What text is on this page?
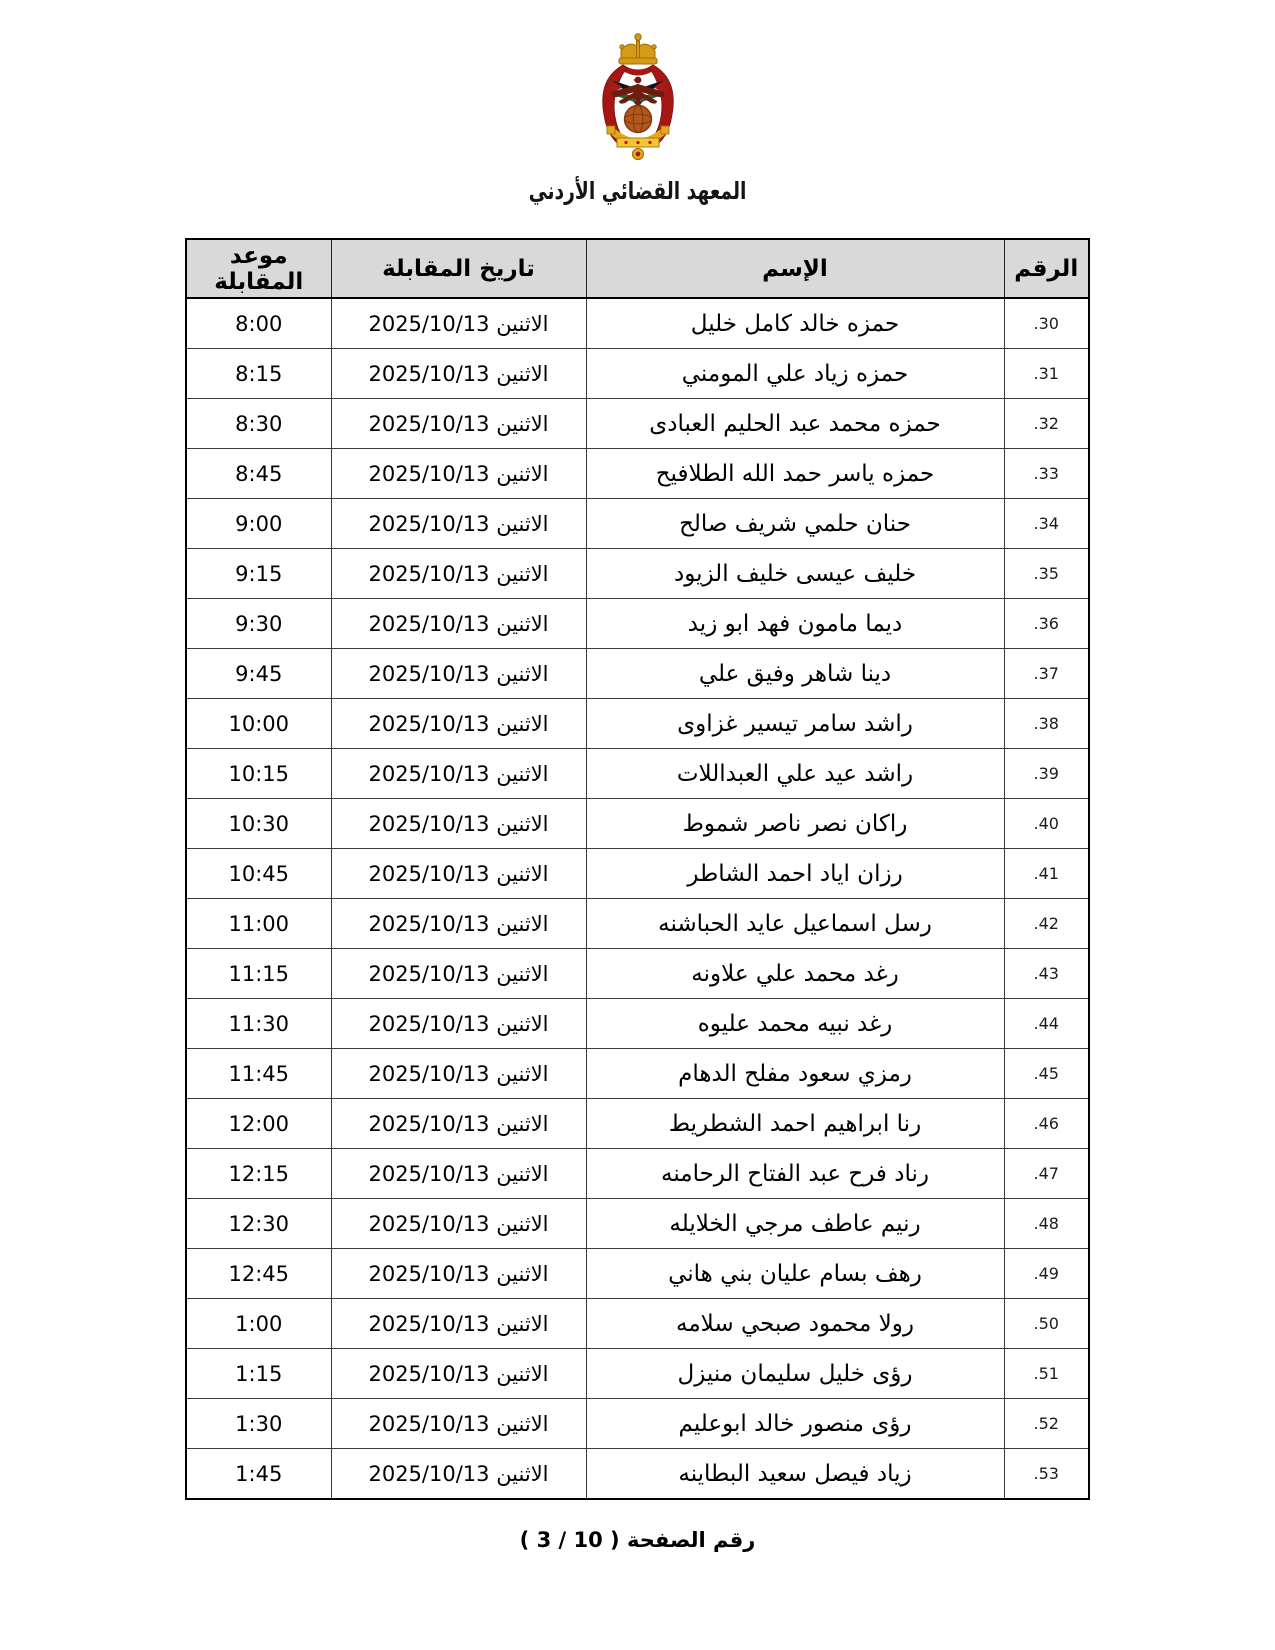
المعهد القضائي الأردني
الرقم	الإسم	تاريخ المقابلة	موعد المقابلة
30.	حمزه خالد كامل خليل	الاثنين 2025/10/13	8:00
31.	حمزه زياد علي المومني	الاثنين 2025/10/13	8:15
32.	حمزه محمد عبد الحليم العبادى	الاثنين 2025/10/13	8:30
33.	حمزه ياسر حمد الله الطلافيح	الاثنين 2025/10/13	8:45
34.	حنان حلمي شريف صالح	الاثنين 2025/10/13	9:00
35.	خليف عيسى خليف الزيود	الاثنين 2025/10/13	9:15
36.	ديما مامون فهد ابو زيد	الاثنين 2025/10/13	9:30
37.	دينا شاهر وفيق علي	الاثنين 2025/10/13	9:45
38.	راشد سامر تيسير غزاوى	الاثنين 2025/10/13	10:00
39.	راشد عيد علي العبداللات	الاثنين 2025/10/13	10:15
40.	راكان نصر ناصر شموط	الاثنين 2025/10/13	10:30
41.	رزان اياد احمد الشاطر	الاثنين 2025/10/13	10:45
42.	رسل اسماعيل عايد الحباشنه	الاثنين 2025/10/13	11:00
43.	رغد محمد علي علاونه	الاثنين 2025/10/13	11:15
44.	رغد نبيه محمد عليوه	الاثنين 2025/10/13	11:30
45.	رمزي سعود مفلح الدهام	الاثنين 2025/10/13	11:45
46.	رنا ابراهيم احمد الشطريط	الاثنين 2025/10/13	12:00
47.	رناد فرح عبد الفتاح الرحامنه	الاثنين 2025/10/13	12:15
48.	رنيم عاطف مرجي الخلايله	الاثنين 2025/10/13	12:30
49.	رهف بسام عليان بني هاني	الاثنين 2025/10/13	12:45
50.	رولا محمود صبحي سلامه	الاثنين 2025/10/13	1:00
51.	رؤى خليل سليمان منيزل	الاثنين 2025/10/13	1:15
52.	رؤى منصور خالد ابوعليم	الاثنين 2025/10/13	1:30
53.	زياد فيصل سعيد البطاينه	الاثنين 2025/10/13	1:45
رقم الصفحة ( 10 / 3 )
